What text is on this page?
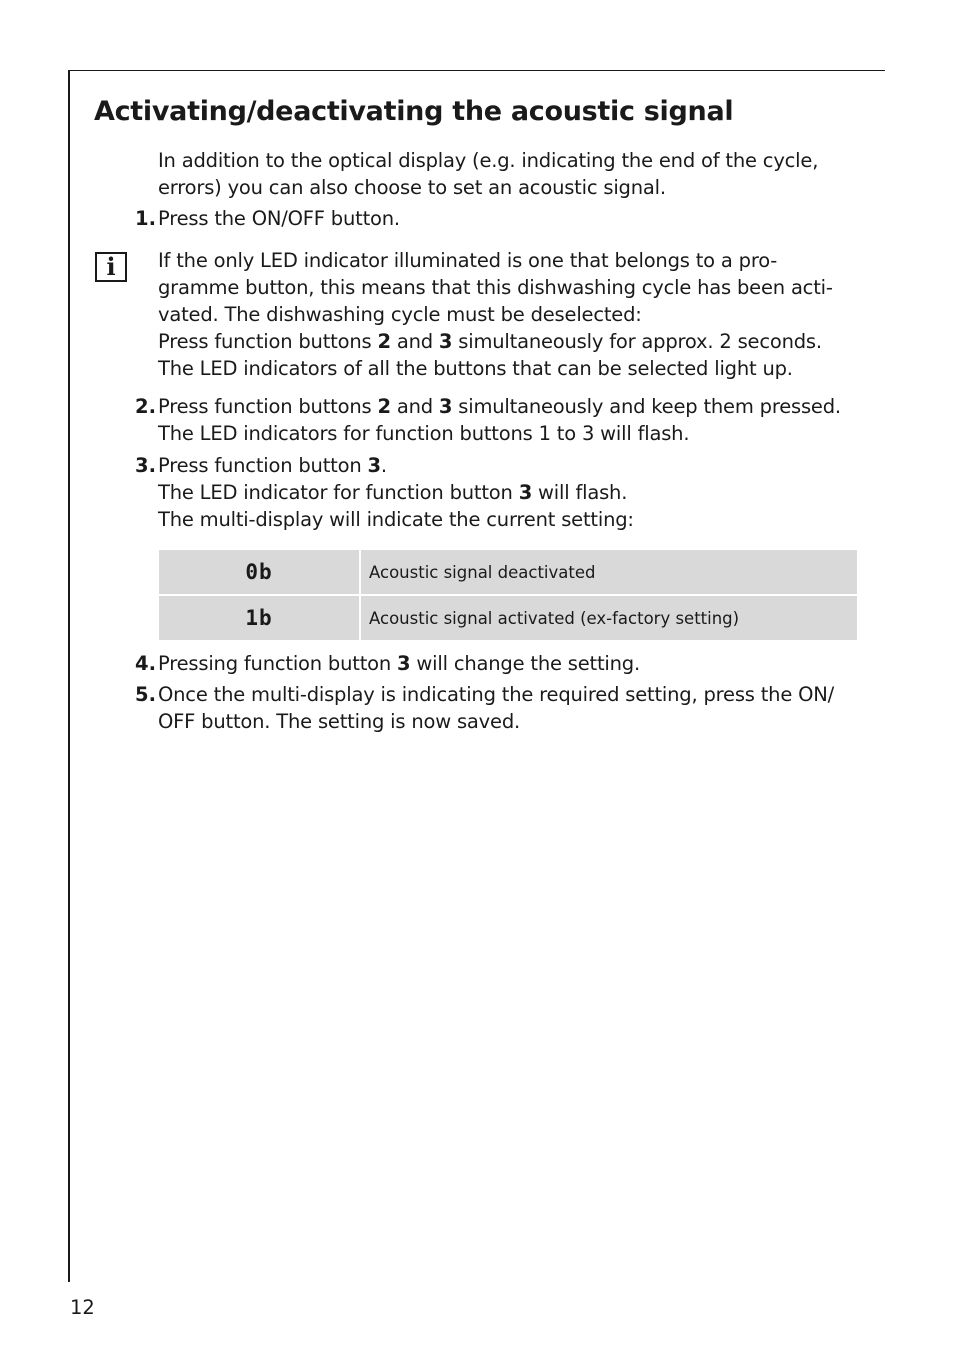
Activating/deactivating the acoustic signal
In addition to the optical display (e.g. indicating the end of the cycle,
errors) you can also choose to set an acoustic signal.
1. Press the ON/OFF button.
i	If the only LED indicator illuminated is one that belongs to a pro-
gramme button, this means that this dishwashing cycle has been acti-
vated. The dishwashing cycle must be deselected:
Press function buttons 2 and 3 simultaneously for approx. 2 seconds.
The LED indicators of all the buttons that can be selected light up.
2. Press function buttons 2 and 3 simultaneously and keep them pressed.
The LED indicators for function buttons 1 to 3 will flash.
3. Press function button 3.
The LED indicator for function button 3 will flash.
The multi-display will indicate the current setting:
0b	Acoustic signal deactivated
1b	Acoustic signal activated (ex-factory setting)
4. Pressing function button 3 will change the setting.
5. Once the multi-display is indicating the required setting, press the ON/
OFF button. The setting is now saved.
12
